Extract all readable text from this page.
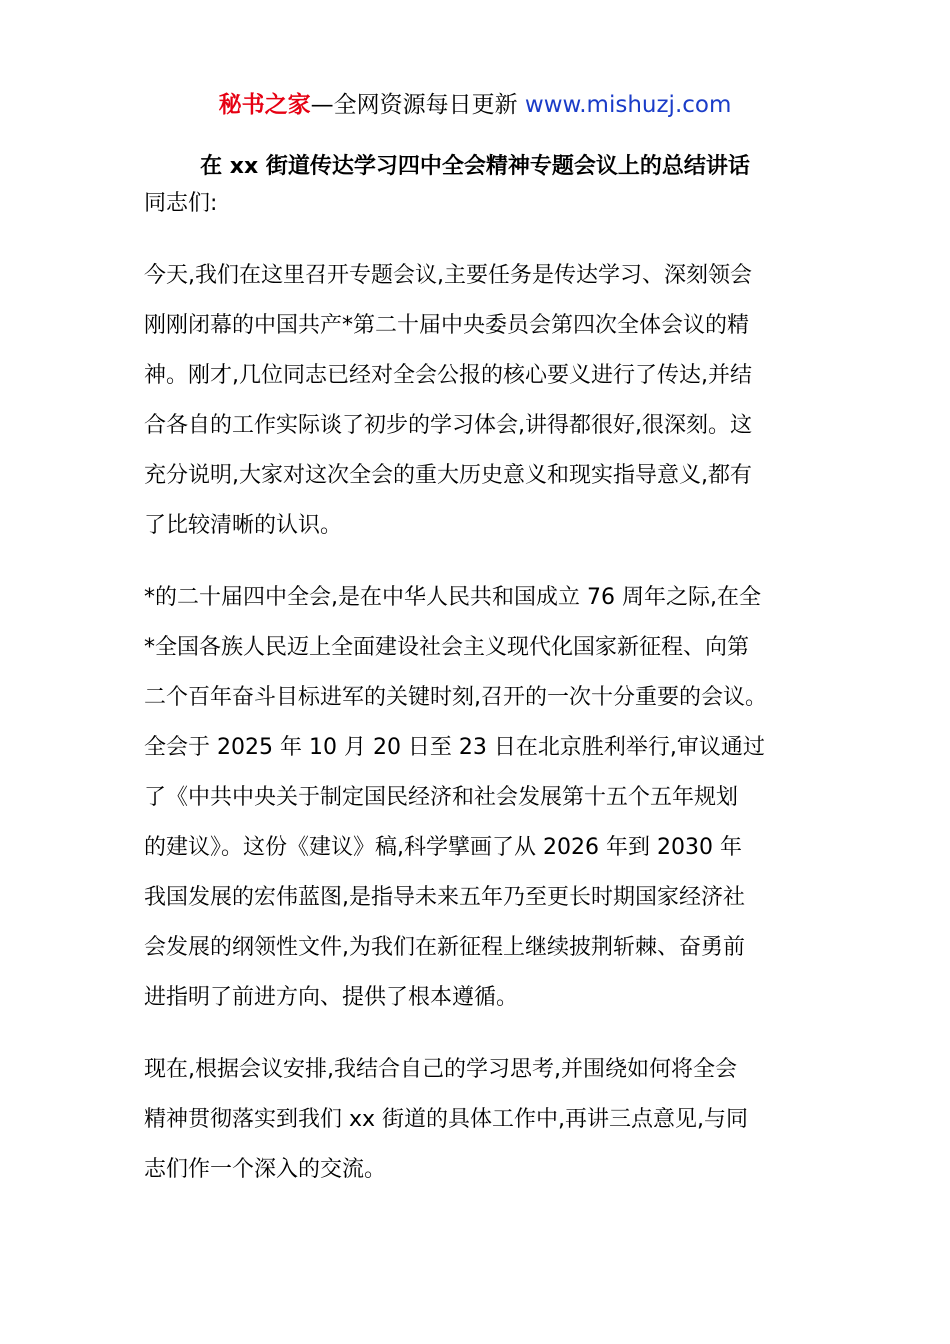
秘书之家—全网资源每日更新 www.mishuzj.com
在 xx 街道传达学习四中全会精神专题会议上的总结讲话

同志们:

今天,我们在这里召开专题会议,主要任务是传达学习、深刻领会
刚刚闭幕的中国共产*第二十届中央委员会第四次全体会议的精
神。刚才,几位同志已经对全会公报的核心要义进行了传达,并结
合各自的工作实际谈了初步的学习体会,讲得都很好,很深刻。这
充分说明,大家对这次全会的重大历史意义和现实指导意义,都有
了比较清晰的认识。

*的二十届四中全会,是在中华人民共和国成立 76 周年之际,在全
*全国各族人民迈上全面建设社会主义现代化国家新征程、向第
二个百年奋斗目标进军的关键时刻,召开的一次十分重要的会议。
全会于 2025 年 10 月 20 日至 23 日在北京胜利举行,审议通过
了《中共中央关于制定国民经济和社会发展第十五个五年规划
的建议》。这份《建议》稿,科学擘画了从 2026 年到 2030 年
我国发展的宏伟蓝图,是指导未来五年乃至更长时期国家经济社
会发展的纲领性文件,为我们在新征程上继续披荆斩棘、奋勇前
进指明了前进方向、提供了根本遵循。

现在,根据会议安排,我结合自己的学习思考,并围绕如何将全会
精神贯彻落实到我们 xx 街道的具体工作中,再讲三点意见,与同
志们作一个深入的交流。
